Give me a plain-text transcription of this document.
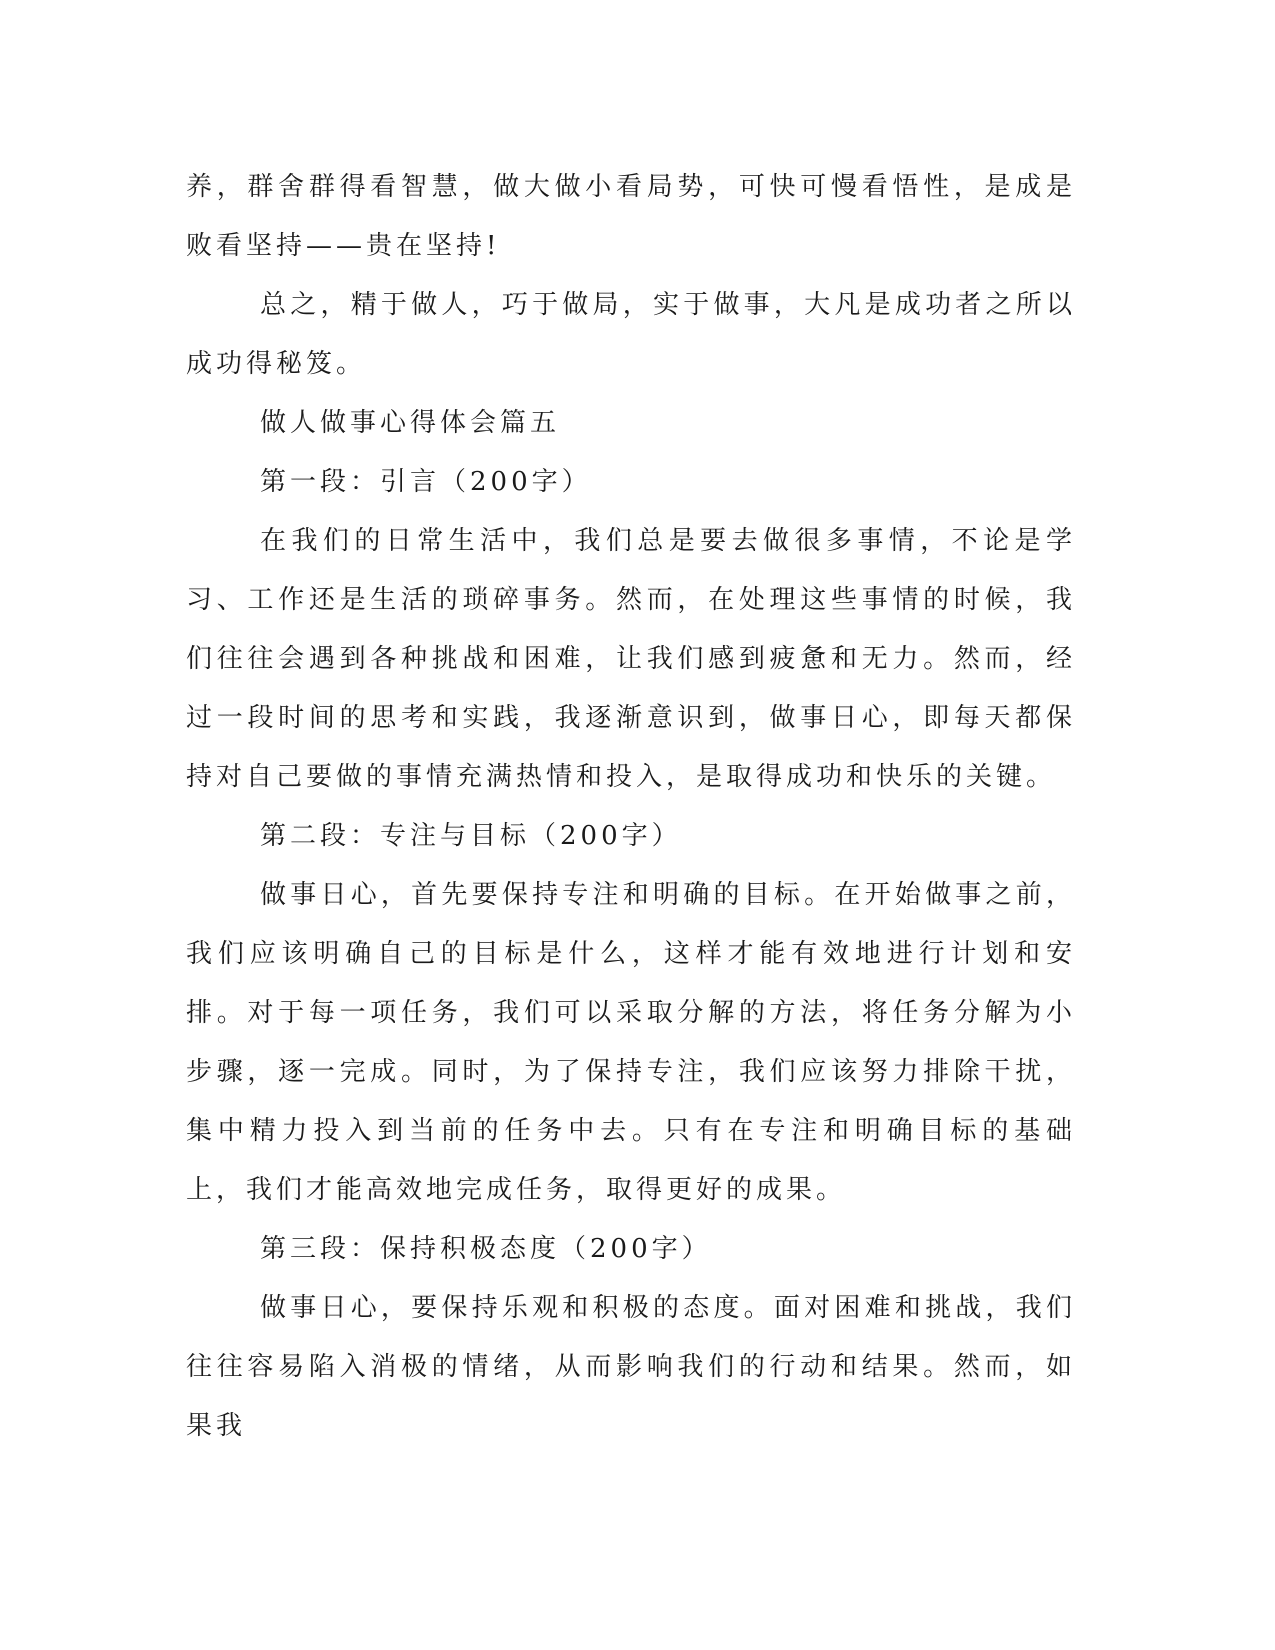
养，群舍群得看智慧，做大做小看局势，可快可慢看悟性，是成是败看坚持——贵在坚持!

总之，精于做人，巧于做局，实于做事，大凡是成功者之所以成功得秘笈。

做人做事心得体会篇五

第一段：引言（200字）

在我们的日常生活中，我们总是要去做很多事情，不论是学习、工作还是生活的琐碎事务。然而，在处理这些事情的时候，我们往往会遇到各种挑战和困难，让我们感到疲惫和无力。然而，经过一段时间的思考和实践，我逐渐意识到，做事日心，即每天都保持对自己要做的事情充满热情和投入，是取得成功和快乐的关键。

第二段：专注与目标（200字）

做事日心，首先要保持专注和明确的目标。在开始做事之前，我们应该明确自己的目标是什么，这样才能有效地进行计划和安排。对于每一项任务，我们可以采取分解的方法，将任务分解为小步骤，逐一完成。同时，为了保持专注，我们应该努力排除干扰，集中精力投入到当前的任务中去。只有在专注和明确目标的基础上，我们才能高效地完成任务，取得更好的成果。

第三段：保持积极态度（200字）

做事日心，要保持乐观和积极的态度。面对困难和挑战，我们往往容易陷入消极的情绪，从而影响我们的行动和结果。然而，如果我
